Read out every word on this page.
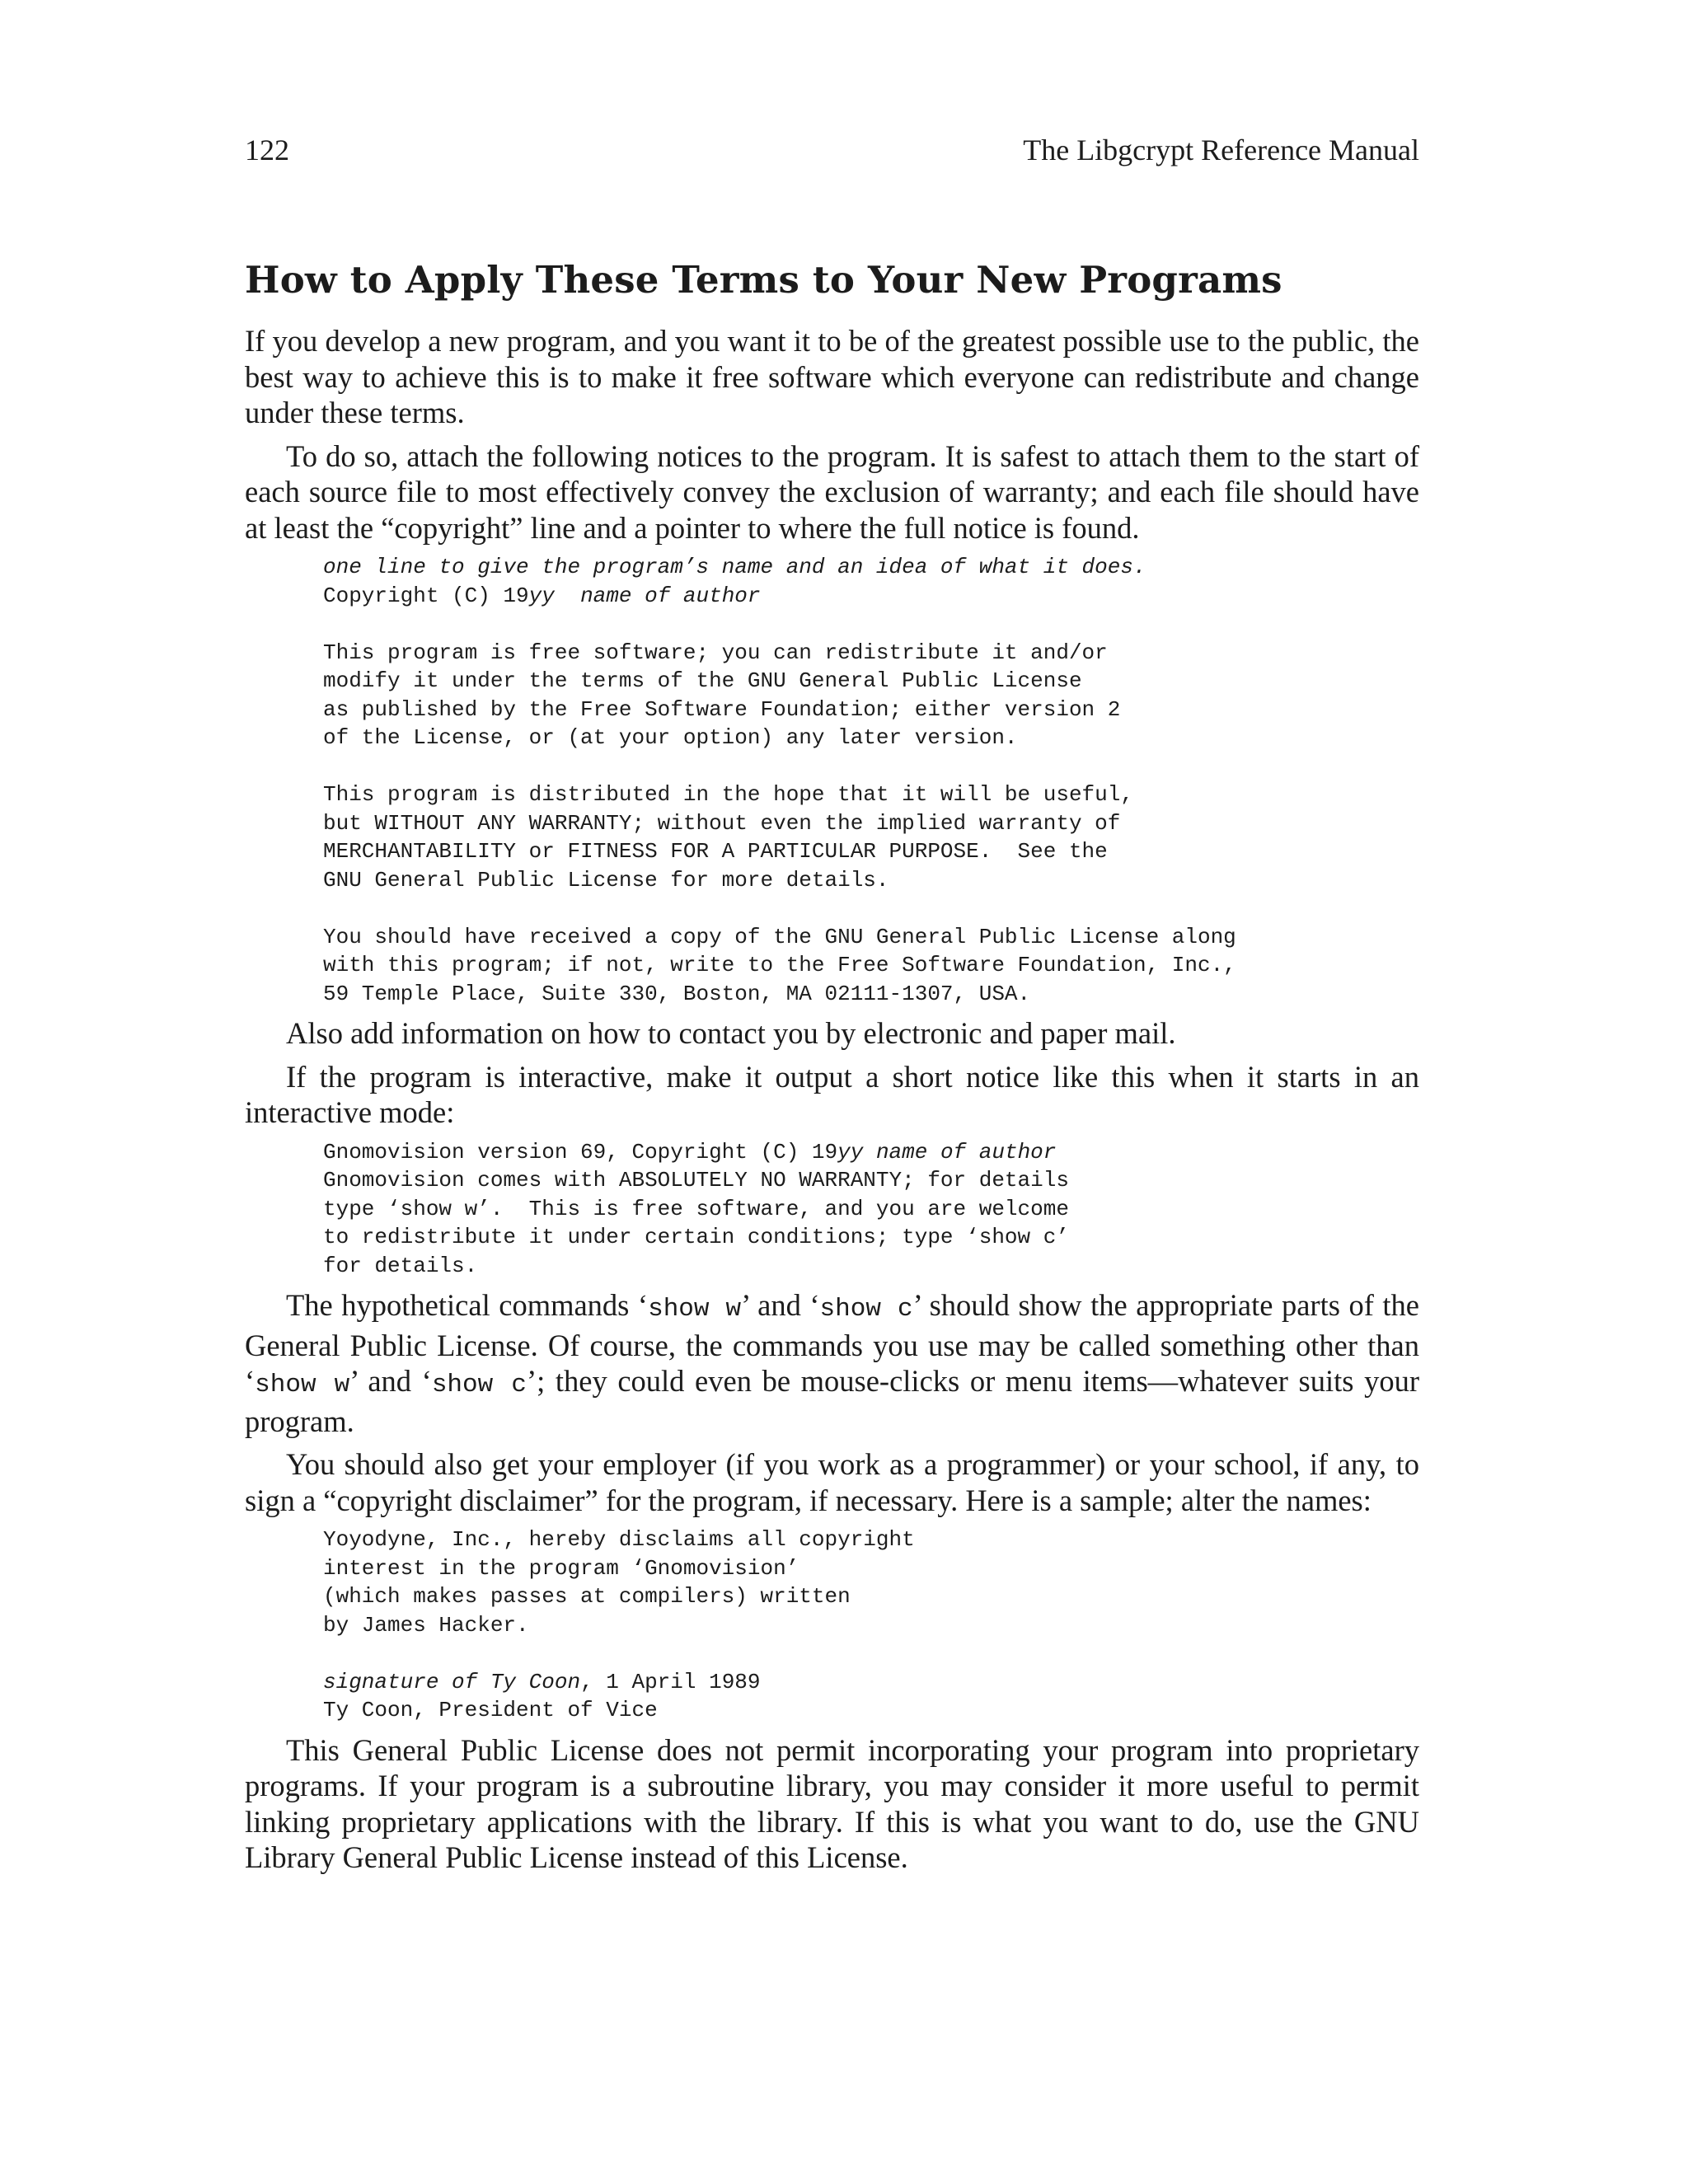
122	The Libgcrypt Reference Manual
How to Apply These Terms to Your New Programs

If you develop a new program, and you want it to be of the greatest possible use to the public, the best way to achieve this is to make it free software which everyone can redistribute and change under these terms.

To do so, attach the following notices to the program. It is safest to attach them to the start of each source file to most effectively convey the exclusion of warranty; and each file should have at least the “copyright” line and a pointer to where the full notice is found.

one line to give the program’s name and an idea of what it does.
Copyright (C) 19yy name of author

This program is free software; you can redistribute it and/or
modify it under the terms of the GNU General Public License
as published by the Free Software Foundation; either version 2
of the License, or (at your option) any later version.

This program is distributed in the hope that it will be useful,
but WITHOUT ANY WARRANTY; without even the implied warranty of
MERCHANTABILITY or FITNESS FOR A PARTICULAR PURPOSE.  See the
GNU General Public License for more details.

You should have received a copy of the GNU General Public License along
with this program; if not, write to the Free Software Foundation, Inc.,
59 Temple Place, Suite 330, Boston, MA 02111-1307, USA.

Also add information on how to contact you by electronic and paper mail.

If the program is interactive, make it output a short notice like this when it starts in an interactive mode:

Gnomovision version 69, Copyright (C) 19yy name of author
Gnomovision comes with ABSOLUTELY NO WARRANTY; for details
type ‘show w’.  This is free software, and you are welcome
to redistribute it under certain conditions; type ‘show c’
for details.

The hypothetical commands ‘show w’ and ‘show c’ should show the appropriate parts of the General Public License. Of course, the commands you use may be called something other than ‘show w’ and ‘show c’; they could even be mouse-clicks or menu items—whatever suits your program.

You should also get your employer (if you work as a programmer) or your school, if any, to sign a “copyright disclaimer” for the program, if necessary. Here is a sample; alter the names:

Yoyodyne, Inc., hereby disclaims all copyright
interest in the program ‘Gnomovision’
(which makes passes at compilers) written
by James Hacker.

signature of Ty Coon, 1 April 1989
Ty Coon, President of Vice

This General Public License does not permit incorporating your program into proprietary programs. If your program is a subroutine library, you may consider it more useful to permit linking proprietary applications with the library. If this is what you want to do, use the GNU Library General Public License instead of this License.
